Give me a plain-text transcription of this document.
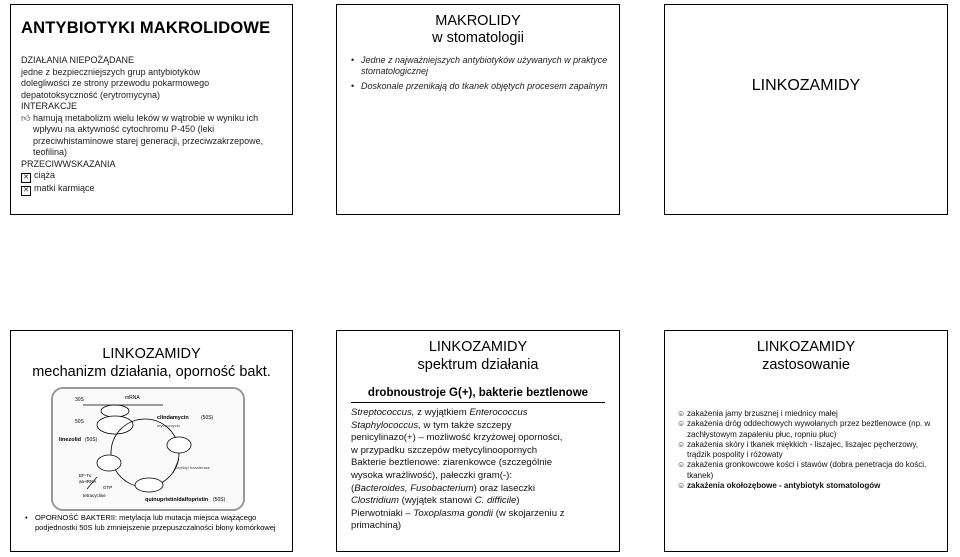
ANTYBIOTYKI MAKROLIDOWE
DZIAŁANIA NIEPOŻĄDANE
jedne z bezpieczniejszych grup antybiotyków
dolegliwości ze strony przewodu pokarmowego
depatotoksyczność (erytromycyna)
INTERAKCJE
👍︎ hamują metabolizm wielu leków w wątrobie w wyniku ich wpływu na aktywność cytochromu P-450 (leki przeciwhistaminowe starej generacji, przeciwzakrzepowe, teofilina)
PRZECIWWSKAZANIA
✕ ciąża
✕ matki karmiące
MAKROLIDY
w stomatologii
• Jedne z najważniejszych antybiotyków używanych w praktyce stomatologicznej
• Doskonale przenikają do tkanek objętych procesem zapalnym	LINKOZAMIDY
LINKOZAMIDY
mechanizm działania, oporność bakt.
30S	mRNA
50S
clindamycin (50S)
erythromycin
linezolid (50S)
peptidyl transferase
EF-Tu
aa-tRNA
GTP
tetracycline
quinupristin/dalfopristin (50S)
• OPORNOŚĆ BAKTERII: metylacja lub mutacja miejsca wiążącego podjednostki 50S lub zmniejszenie przepuszczalności błony komórkowej
LINKOZAMIDY
spektrum działania
drobnoustroje G(+), bakterie beztlenowe
Streptococcus, z wyjątkiem Enterococcus
Staphylococcus, w tym także szczepy
penicylinazo(+) – możliwość krzyżowej oporności,
w przypadku szczepów metycylinoopornych
Bakterie beztlenowe: ziarenkowce (szczególnie
wysoka wrażliwość), pałeczki gram(-):
(Bacteroides, Fusobacterium) oraz laseczki
Clostridium (wyjątek stanowi C. difficile)
Pierwotniaki – Toxoplasma gondii (w skojarzeniu z
primachiną)
LINKOZAMIDY
zastosowanie
☺ zakażenia jamy brzusznej i miednicy małej
☺ zakażenia dróg oddechowych wywołanych przez beztlenowce (np. w zachłystowym zapaleniu płuc, ropniu płuc)
☺ zakażenia skóry i tkanek miękkich - liszajec, liszajec pęcherzowy, trądzik pospolity i różowaty
☺ zakażenia gronkowcowe kości i stawów (dobra penetracja do kości, tkanek)
☺ zakażenia okołozębowe - antybiotyk stomatologów
